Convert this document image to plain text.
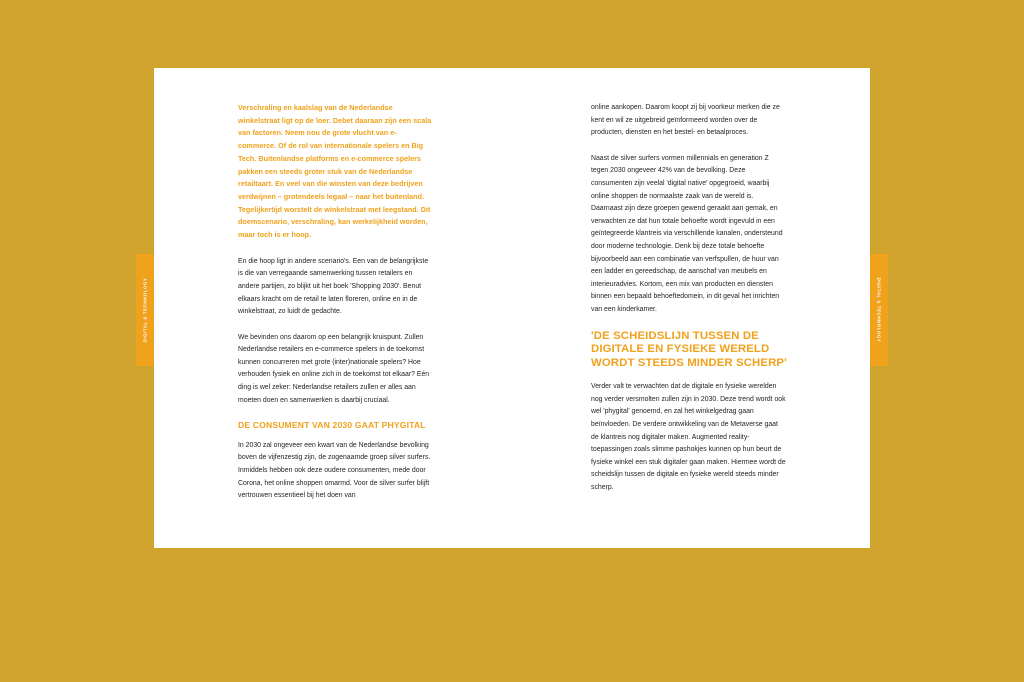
DIGITAL & TECHNOLOGY	DIGITAL & TECHNOLOGY

Verschraling en kaalslag van de Nederlandse winkelstraat ligt op de loer. Debet daaraan zijn een scala van factoren. Neem nou de grote vlucht van e-commerce. Of de rol van internationale spelers en Big Tech. Buitenlandse platforms en e-commerce spelers pakken een steeds groter stuk van de Nederlandse retailtaart. En veel van die winsten van deze bedrijven verdwijnen – grotendeels legaal – naar het buitenland. Tegelijkertijd worstelt de winkelstraat met leegstand. Dit doemscenario, verschraling, kan werkelijkheid worden, maar toch is er hoop.

En die hoop ligt in andere scenario's. Een van de belangrijkste is die van verregaande samenwerking tussen retailers en andere partijen, zo blijkt uit het boek 'Shopping 2030'. Benut elkaars kracht om de retail te laten floreren, online en in de winkelstraat, zo luidt de gedachte.

We bevinden ons daarom op een belangrijk kruispunt. Zullen Nederlandse retailers en e-commerce spelers in de toekomst kunnen concurreren met grote (inter)nationale spelers? Hoe verhouden fysiek en online zich in de toekomst tot elkaar? Eén ding is wel zeker: Nederlandse retailers zullen er alles aan moeten doen en samenwerken is daarbij cruciaal.

DE CONSUMENT VAN 2030 GAAT PHYGITAL

In 2030 zal ongeveer een kwart van de Nederlandse bevolking boven de vijfenzestig zijn, de zogenaamde groep silver surfers. Inmiddels hebben ook deze oudere consumenten, mede door Corona, het online shoppen omarmd. Voor de silver surfer blijft vertrouwen essentieel bij het doen van

online aankopen. Daarom koopt zij bij voorkeur merken die ze kent en wil ze uitgebreid geïnformeerd worden over de producten, diensten en het bestel- en betaalproces.

Naast de silver surfers vormen millennials en generation Z tegen 2030 ongeveer 42% van de bevolking. Deze consumenten zijn veelal 'digital native' opgegroeid, waarbij online shoppen de normaalste zaak van de wereld is. Daarnaast zijn deze groepen gewend geraakt aan gemak, en verwachten ze dat hun totale behoefte wordt ingevuld in een geïntegreerde klantreis via verschillende kanalen, ondersteund door moderne technologie. Denk bij deze totale behoefte bijvoorbeeld aan een combinatie van verfspullen, de huur van een ladder en gereedschap, de aanschaf van meubels en interieuradvies. Kortom, een mix van producten en diensten binnen een bepaald behoeftedomein, in dit geval het inrichten van een kinderkamer.

'DE SCHEIDSLIJN TUSSEN DE DIGITALE EN FYSIEKE WERELD WORDT STEEDS MINDER SCHERP'

Verder valt te verwachten dat de digitale en fysieke werelden nog verder versmolten zullen zijn in 2030. Deze trend wordt ook wel 'phygital' genoemd, en zal het winkelgedrag gaan beïnvloeden. De verdere ontwikkeling van de Metaverse gaat de klantreis nog digitaler maken. Augmented reality-toepassingen zoals slimme pashokjes kunnen op hun beurt de fysieke winkel een stuk digitaler gaan maken. Hiermee wordt de scheidslijn tussen de digitale en fysieke wereld steeds minder scherp.
